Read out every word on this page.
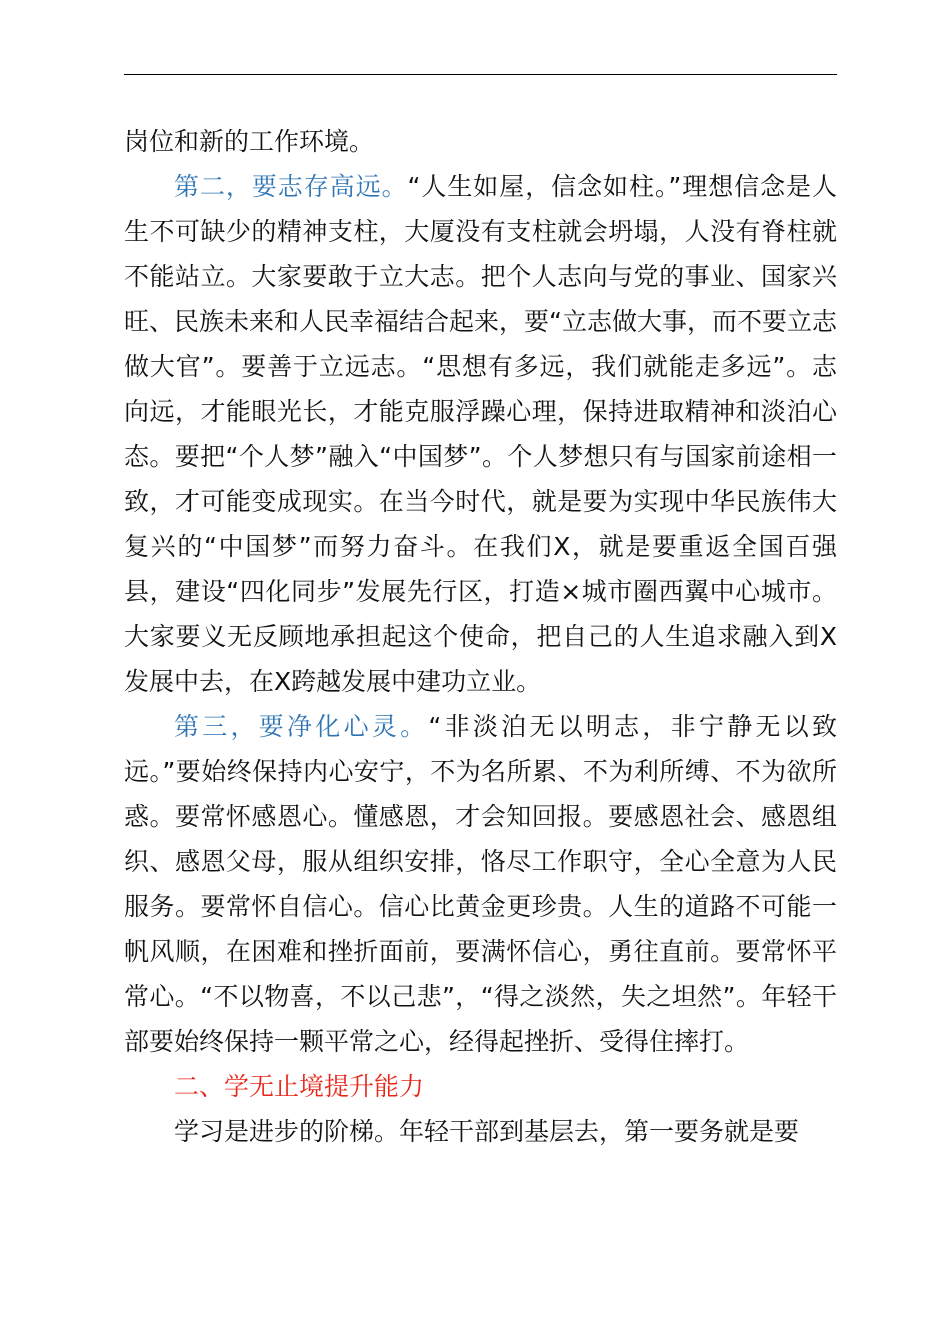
岗位和新的工作环境。

第二，要志存高远。“人生如屋，信念如柱。”理想信念是人生不可缺少的精神支柱，大厦没有支柱就会坍塌，人没有脊柱就不能站立。大家要敢于立大志。把个人志向与党的事业、国家兴旺、民族未来和人民幸福结合起来，要“立志做大事，而不要立志做大官”。要善于立远志。“思想有多远，我们就能走多远”。志向远，才能眼光长，才能克服浮躁心理，保持进取精神和淡泊心态。要把“个人梦”融入“中国梦”。个人梦想只有与国家前途相一致，才可能变成现实。在当今时代，就是要为实现中华民族伟大复兴的“中国梦”而努力奋斗。在我们X，就是要重返全国百强县，建设“四化同步”发展先行区，打造×城市圈西翼中心城市。大家要义无反顾地承担起这个使命，把自己的人生追求融入到X发展中去，在X跨越发展中建功立业。

第三，要净化心灵。“非淡泊无以明志，非宁静无以致远。”要始终保持内心安宁，不为名所累、不为利所缚、不为欲所惑。要常怀感恩心。懂感恩，才会知回报。要感恩社会、感恩组织、感恩父母，服从组织安排，恪尽工作职守，全心全意为人民服务。要常怀自信心。信心比黄金更珍贵。人生的道路不可能一帆风顺，在困难和挫折面前，要满怀信心，勇往直前。要常怀平常心。“不以物喜，不以己悲”，“得之淡然，失之坦然”。年轻干部要始终保持一颗平常之心，经得起挫折、受得住摔打。

二、学无止境提升能力

学习是进步的阶梯。年轻干部到基层去，第一要务就是要
